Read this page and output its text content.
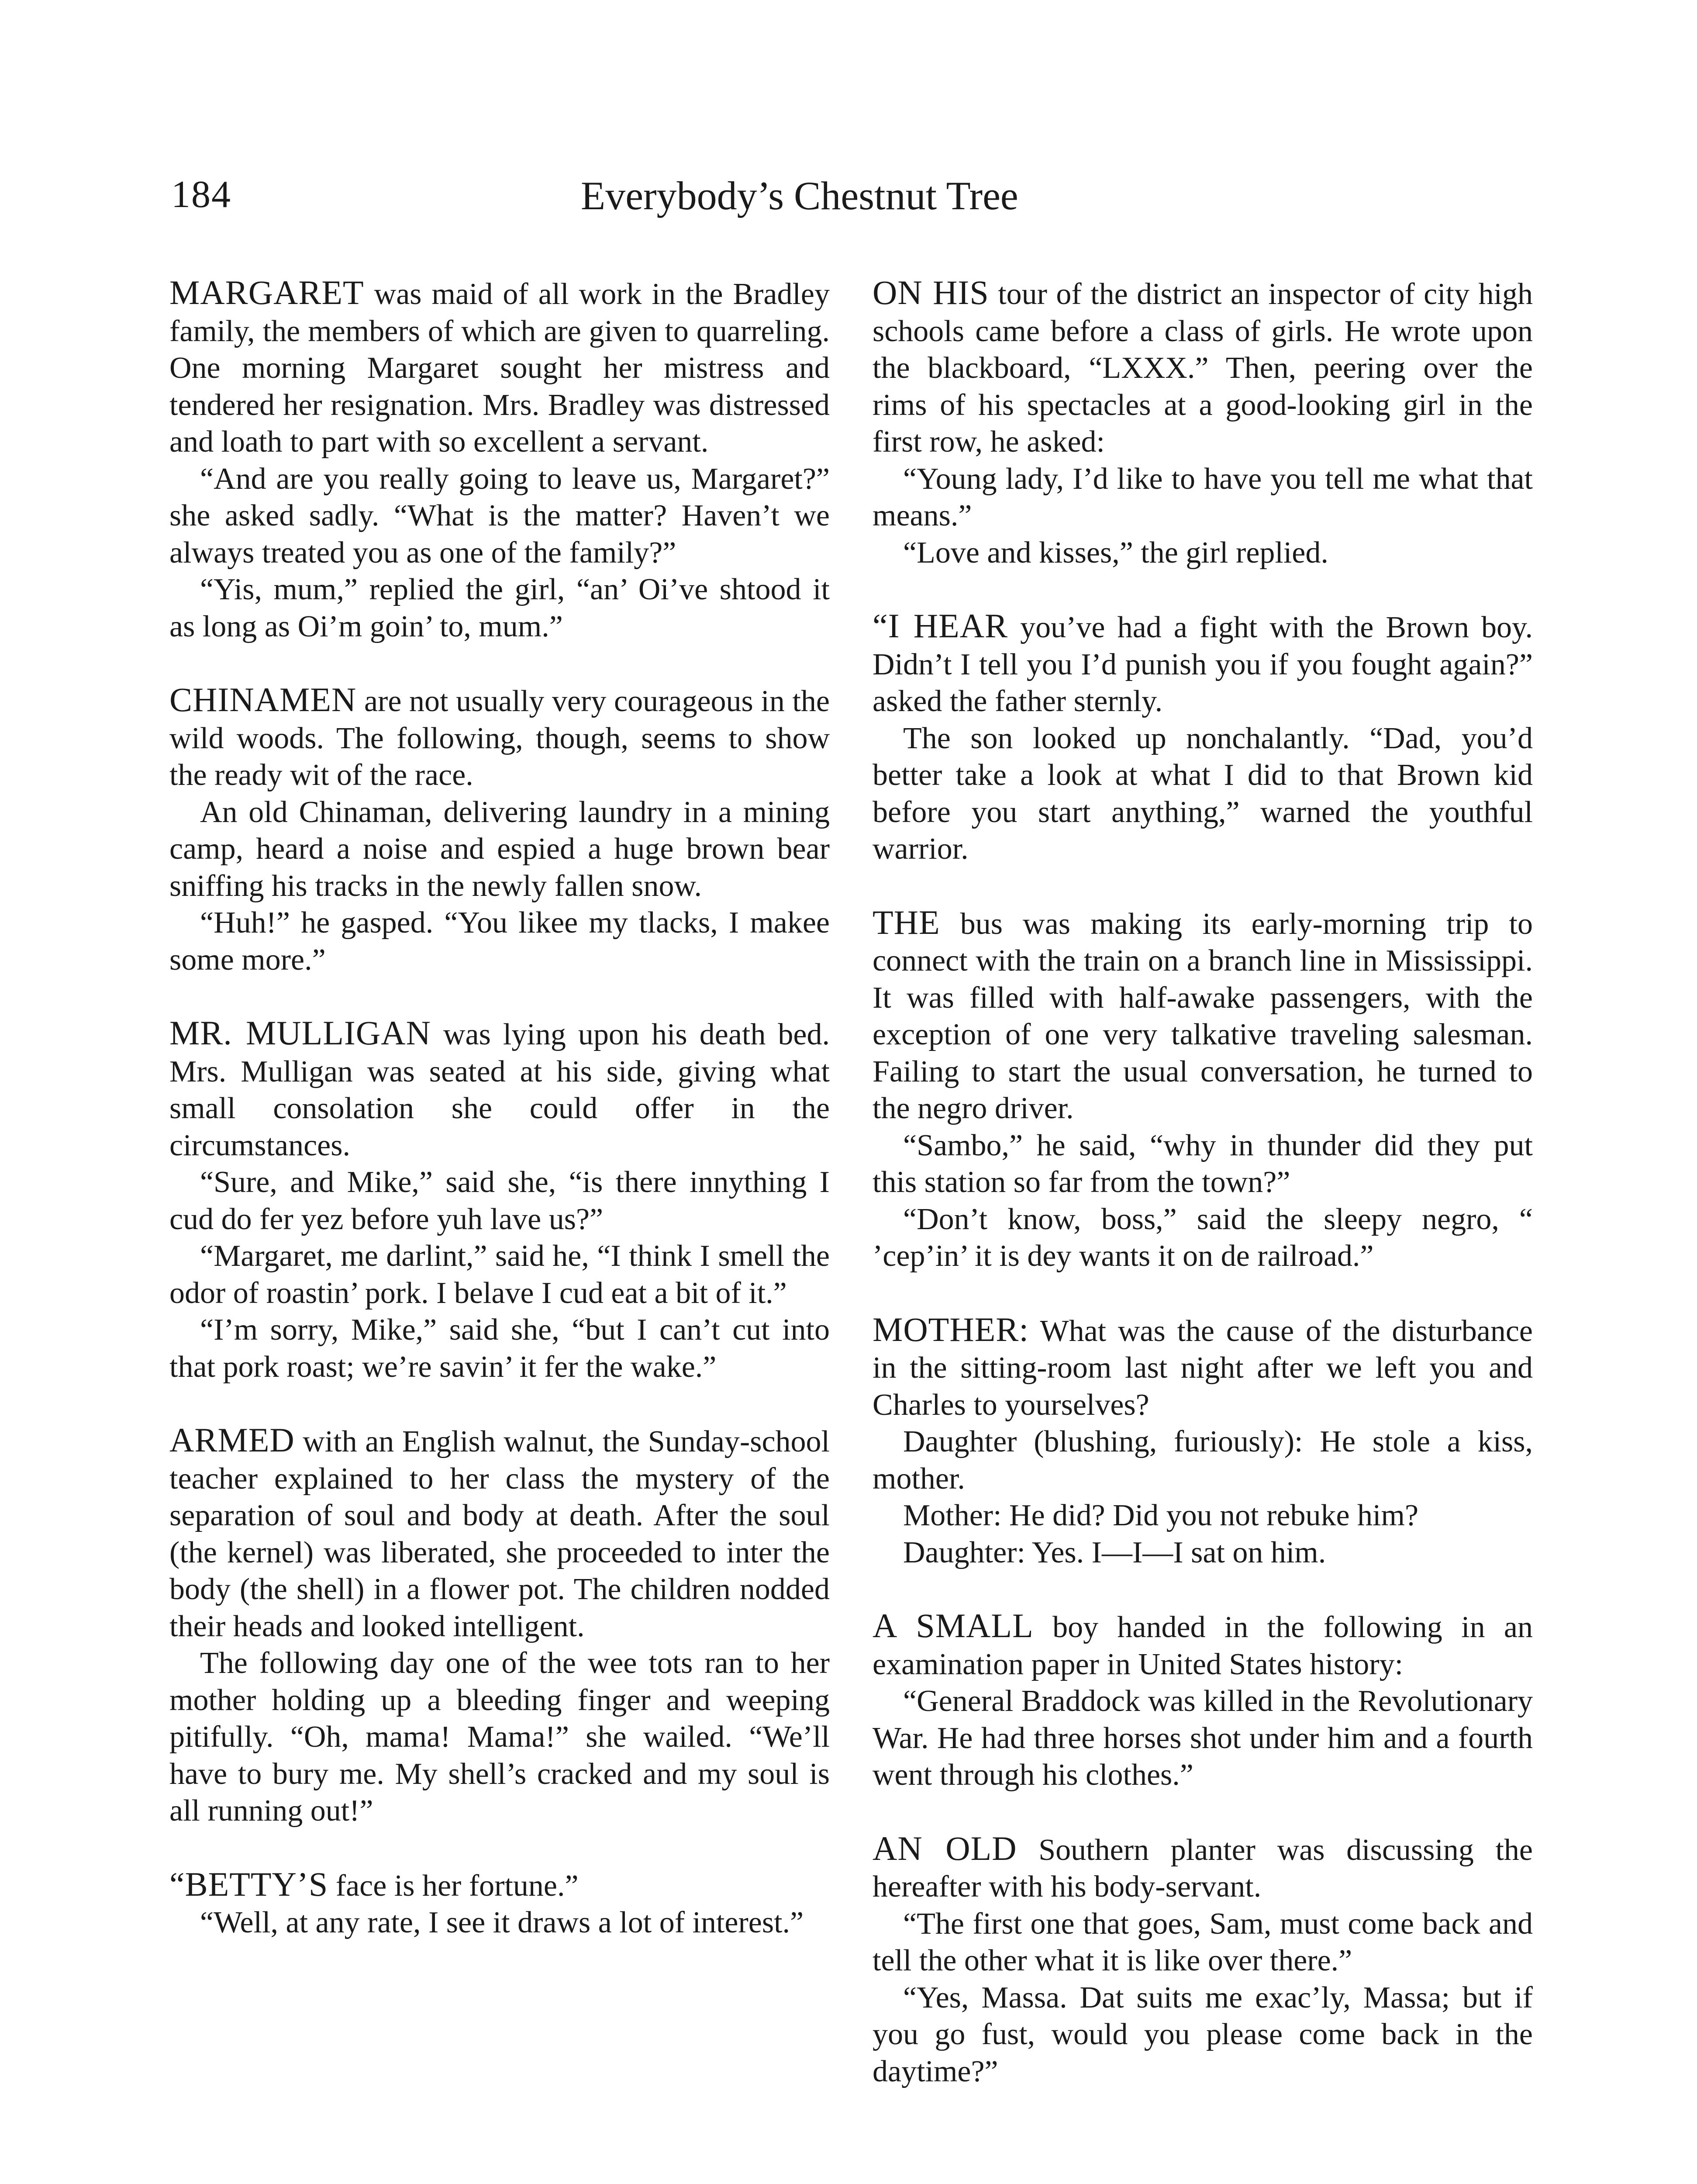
184	Everybody’s Chestnut Tree

MARGARET was maid of all work in the Bradley family, the members of which are given to quarreling. One morning Margaret sought her mistress and tendered her resignation. Mrs. Bradley was distressed and loath to part with so excellent a servant.

“And are you really going to leave us, Margaret?” she asked sadly. “What is the matter? Haven’t we always treated you as one of the family?”

“Yis, mum,” replied the girl, “an’ Oi’ve shtood it as long as Oi’m goin’ to, mum.”

CHINAMEN are not usually very courageous in the wild woods. The following, though, seems to show the ready wit of the race.

An old Chinaman, delivering laundry in a mining camp, heard a noise and espied a huge brown bear sniffing his tracks in the newly fallen snow.

“Huh!” he gasped. “You likee my tlacks, I makee some more.”

MR. MULLIGAN was lying upon his death bed. Mrs. Mulligan was seated at his side, giving what small consolation she could offer in the circumstances.

“Sure, and Mike,” said she, “is there innything I cud do fer yez before yuh lave us?”

“Margaret, me darlint,” said he, “I think I smell the odor of roastin’ pork. I belave I cud eat a bit of it.”

“I’m sorry, Mike,” said she, “but I can’t cut into that pork roast; we’re savin’ it fer the wake.”

ARMED with an English walnut, the Sunday-school teacher explained to her class the mystery of the separation of soul and body at death. After the soul (the kernel) was liberated, she proceeded to inter the body (the shell) in a flower pot. The children nodded their heads and looked intelligent.

The following day one of the wee tots ran to her mother holding up a bleeding finger and weeping pitifully. “Oh, mama! Mama!” she wailed. “We’ll have to bury me. My shell’s cracked and my soul is all running out!”

“BETTY’S face is her fortune.”

“Well, at any rate, I see it draws a lot of interest.”

ON HIS tour of the district an inspector of city high schools came before a class of girls. He wrote upon the blackboard, “LXXX.” Then, peering over the rims of his spectacles at a good-looking girl in the first row, he asked:

“Young lady, I’d like to have you tell me what that means.”

“Love and kisses,” the girl replied.

“I HEAR you’ve had a fight with the Brown boy. Didn’t I tell you I’d punish you if you fought again?” asked the father sternly.

The son looked up nonchalantly. “Dad, you’d better take a look at what I did to that Brown kid before you start anything,” warned the youthful warrior.

THE bus was making its early-morning trip to connect with the train on a branch line in Mississippi. It was filled with half-awake passengers, with the exception of one very talkative traveling salesman. Failing to start the usual conversation, he turned to the negro driver.

“Sambo,” he said, “why in thunder did they put this station so far from the town?”

“Don’t know, boss,” said the sleepy negro, “ ’cep’in’ it is dey wants it on de railroad.”

MOTHER: What was the cause of the disturbance in the sitting-room last night after we left you and Charles to yourselves?

Daughter (blushing, furiously): He stole a kiss, mother.

Mother: He did? Did you not rebuke him?

Daughter: Yes. I—I—I sat on him.

A SMALL boy handed in the following in an examination paper in United States history:

“General Braddock was killed in the Revolutionary War. He had three horses shot under him and a fourth went through his clothes.”

AN OLD Southern planter was discussing the hereafter with his body-servant.

“The first one that goes, Sam, must come back and tell the other what it is like over there.”

“Yes, Massa. Dat suits me exac’ly, Massa; but if you go fust, would you please come back in the daytime?”
